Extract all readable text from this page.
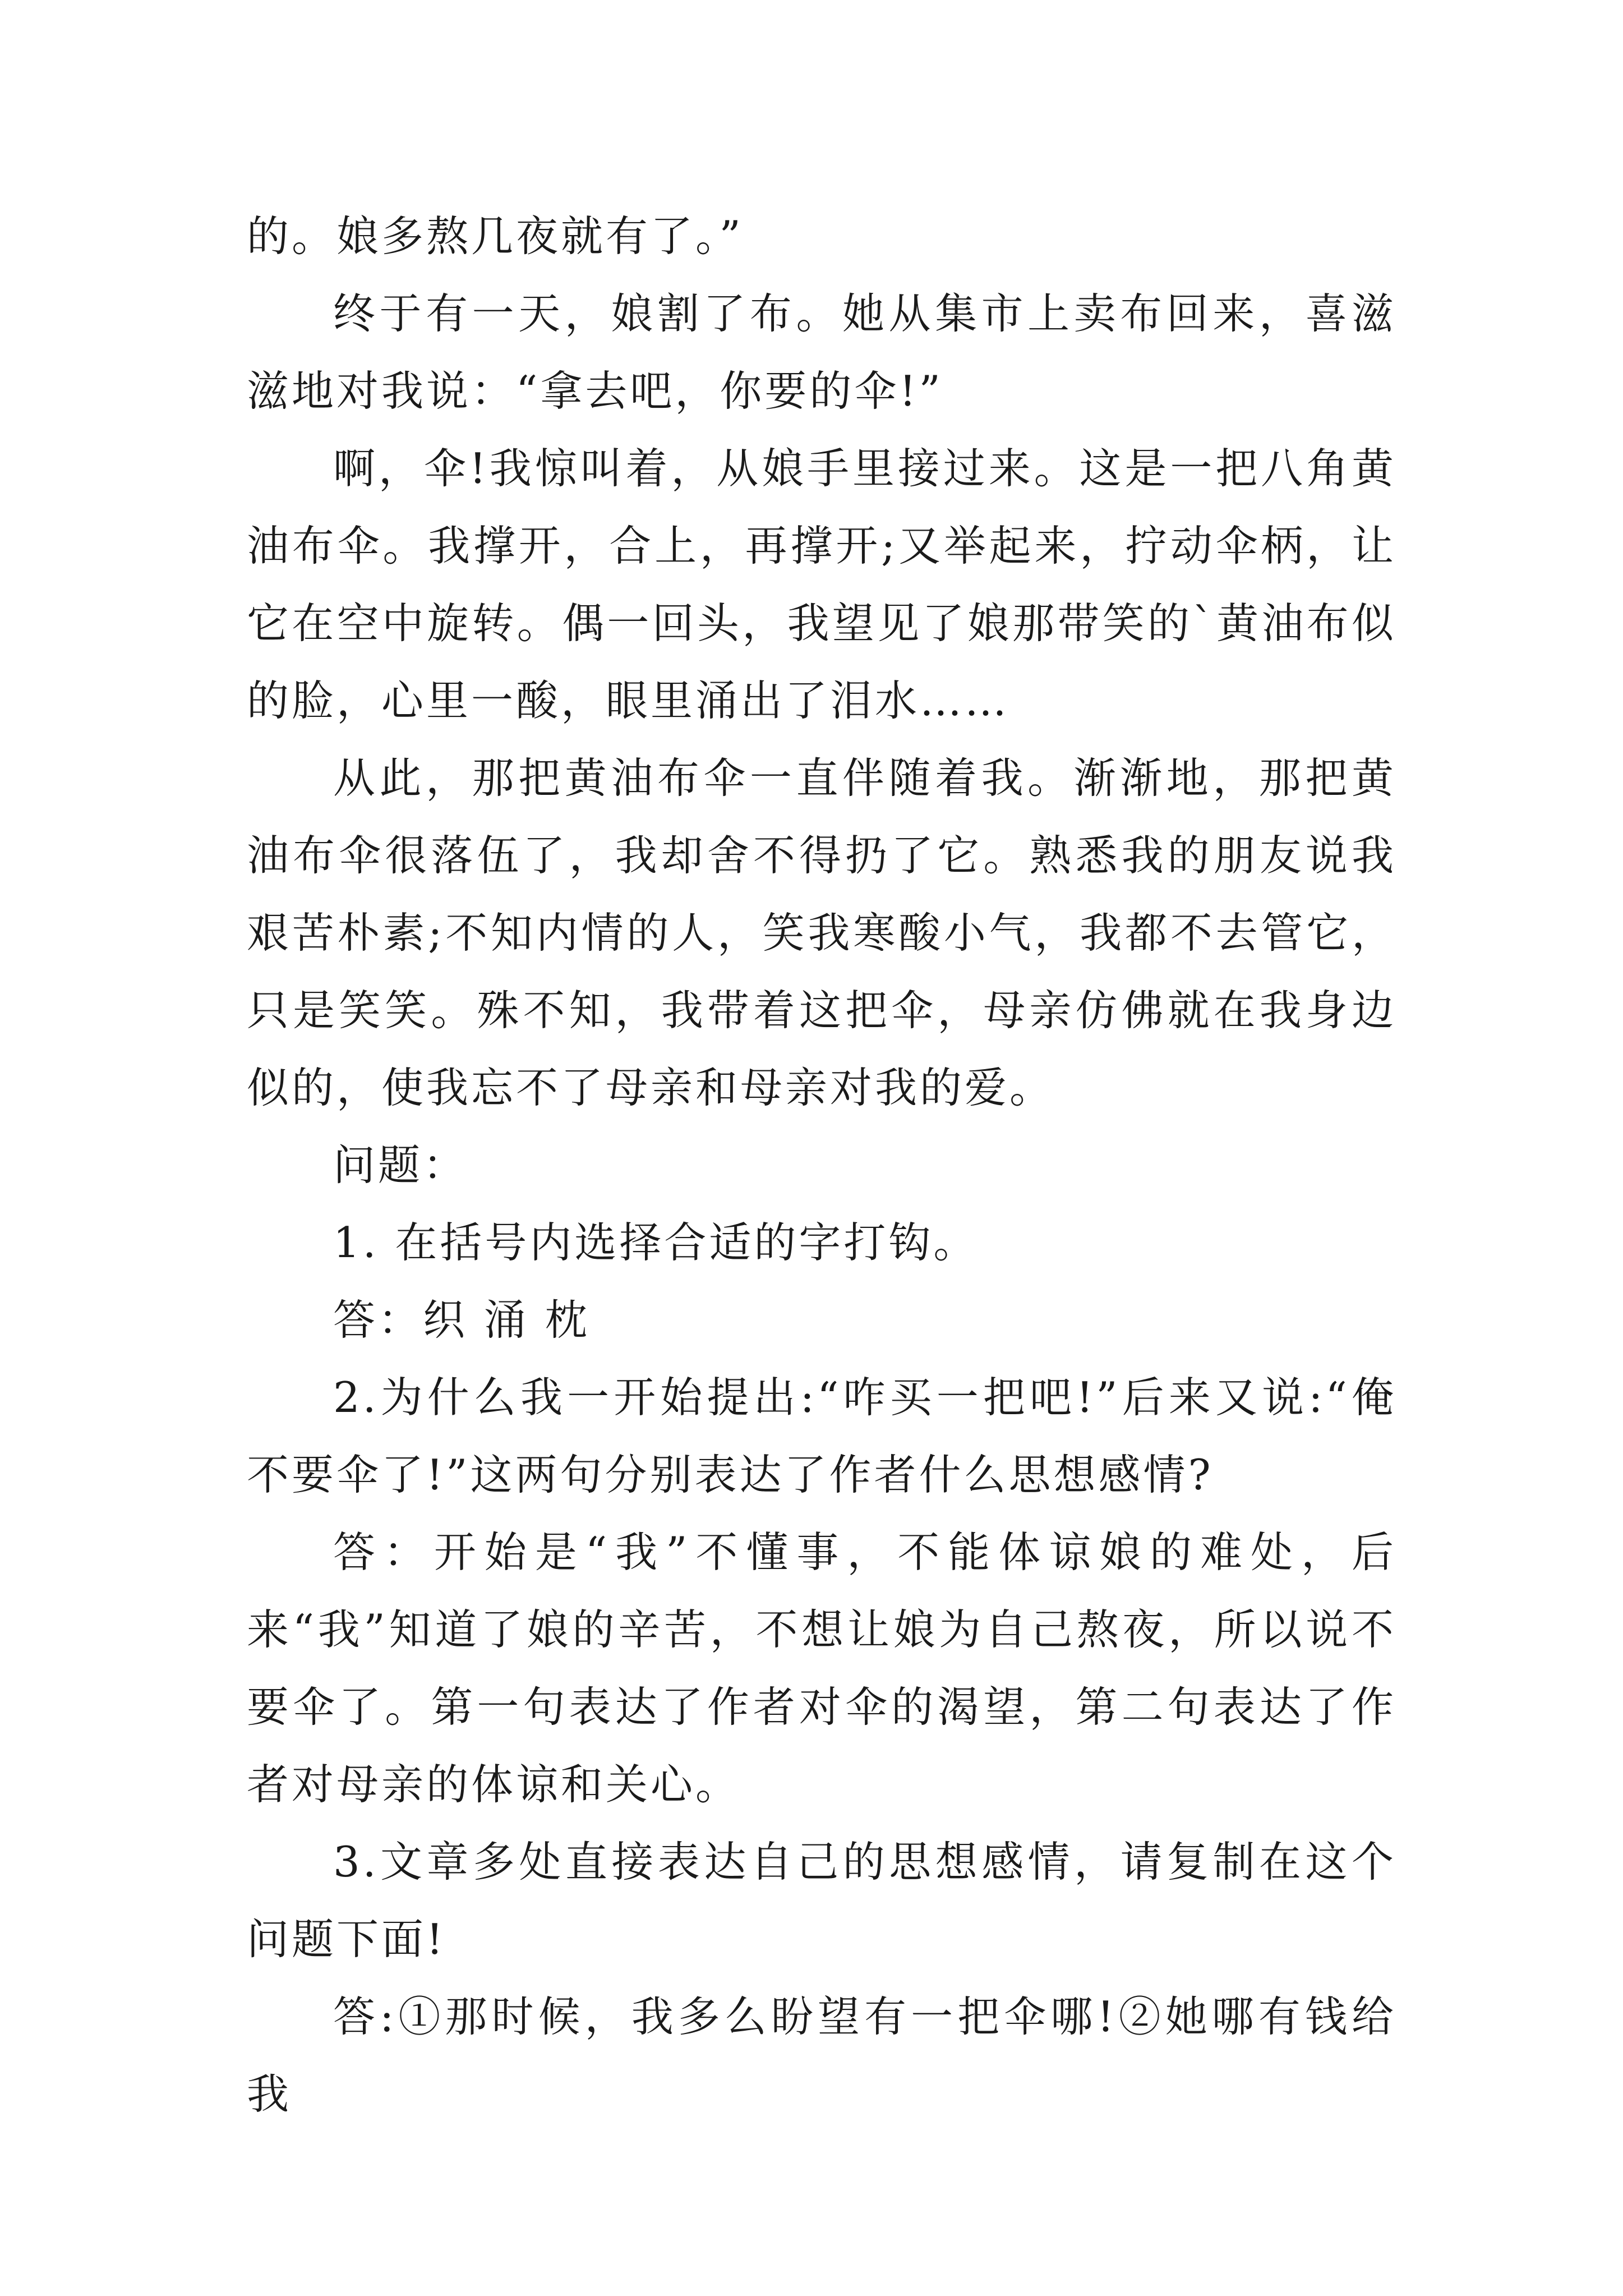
的。娘多熬几夜就有了。”

终于有一天，娘割了布。她从集市上卖布回来，喜滋滋地对我说：“拿去吧，你要的伞!”

啊，伞!我惊叫着，从娘手里接过来。这是一把八角黄油布伞。我撑开，合上，再撑开;又举起来，拧动伞柄，让它在空中旋转。偶一回头，我望见了娘那带笑的`黄油布似的脸，心里一酸，眼里涌出了泪水……

从此，那把黄油布伞一直伴随着我。渐渐地，那把黄油布伞很落伍了，我却舍不得扔了它。熟悉我的朋友说我艰苦朴素;不知内情的人，笑我寒酸小气，我都不去管它，只是笑笑。殊不知，我带着这把伞，母亲仿佛就在我身边似的，使我忘不了母亲和母亲对我的爱。

问题：

1. 在括号内选择合适的字打钩。

答：织 涌 枕

2.为什么我一开始提出:“咋买一把吧!”后来又说:“俺不要伞了!”这两句分别表达了作者什么思想感情?

答：开始是“我”不懂事，不能体谅娘的难处，后来“我”知道了娘的辛苦，不想让娘为自己熬夜，所以说不要伞了。第一句表达了作者对伞的渴望，第二句表达了作者对母亲的体谅和关心。

3.文章多处直接表达自己的思想感情，请复制在这个问题下面!

答:①那时候，我多么盼望有一把伞哪!②她哪有钱给我
